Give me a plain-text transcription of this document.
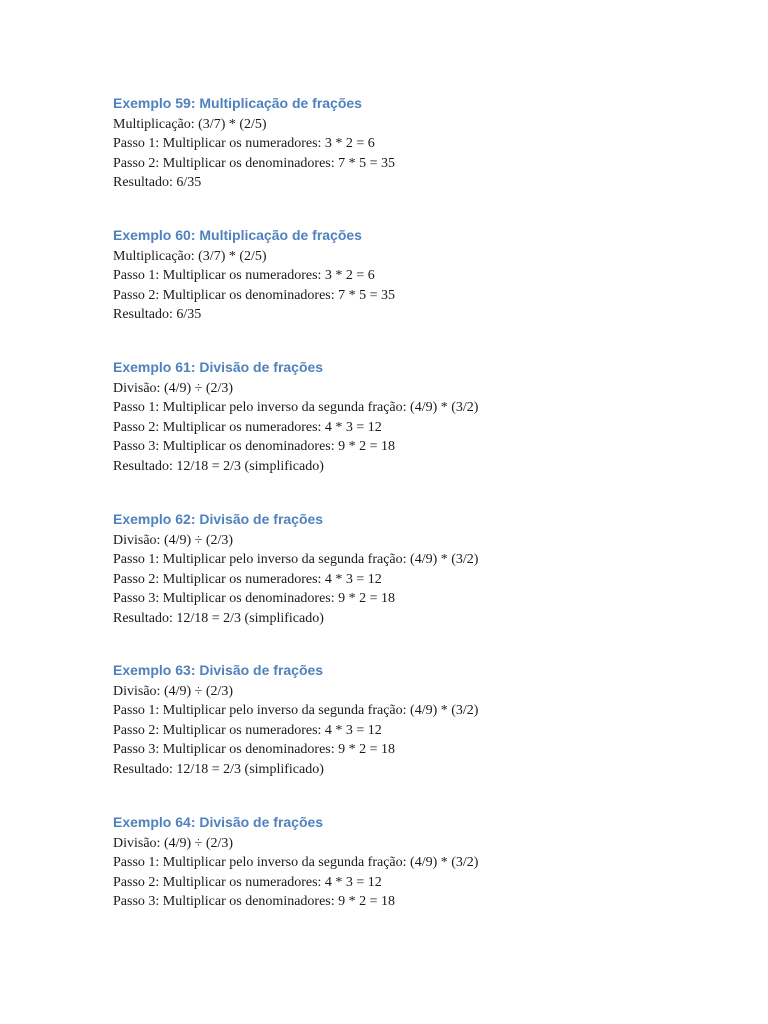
Exemplo 59: Multiplicação de frações
Multiplicação: (3/7) * (2/5)
Passo 1: Multiplicar os numeradores: 3 * 2 = 6
Passo 2: Multiplicar os denominadores: 7 * 5 = 35
Resultado: 6/35
Exemplo 60: Multiplicação de frações
Multiplicação: (3/7) * (2/5)
Passo 1: Multiplicar os numeradores: 3 * 2 = 6
Passo 2: Multiplicar os denominadores: 7 * 5 = 35
Resultado: 6/35
Exemplo 61: Divisão de frações
Divisão: (4/9) ÷ (2/3)
Passo 1: Multiplicar pelo inverso da segunda fração: (4/9) * (3/2)
Passo 2: Multiplicar os numeradores: 4 * 3 = 12
Passo 3: Multiplicar os denominadores: 9 * 2 = 18
Resultado: 12/18 = 2/3 (simplificado)
Exemplo 62: Divisão de frações
Divisão: (4/9) ÷ (2/3)
Passo 1: Multiplicar pelo inverso da segunda fração: (4/9) * (3/2)
Passo 2: Multiplicar os numeradores: 4 * 3 = 12
Passo 3: Multiplicar os denominadores: 9 * 2 = 18
Resultado: 12/18 = 2/3 (simplificado)
Exemplo 63: Divisão de frações
Divisão: (4/9) ÷ (2/3)
Passo 1: Multiplicar pelo inverso da segunda fração: (4/9) * (3/2)
Passo 2: Multiplicar os numeradores: 4 * 3 = 12
Passo 3: Multiplicar os denominadores: 9 * 2 = 18
Resultado: 12/18 = 2/3 (simplificado)
Exemplo 64: Divisão de frações
Divisão: (4/9) ÷ (2/3)
Passo 1: Multiplicar pelo inverso da segunda fração: (4/9) * (3/2)
Passo 2: Multiplicar os numeradores: 4 * 3 = 12
Passo 3: Multiplicar os denominadores: 9 * 2 = 18
